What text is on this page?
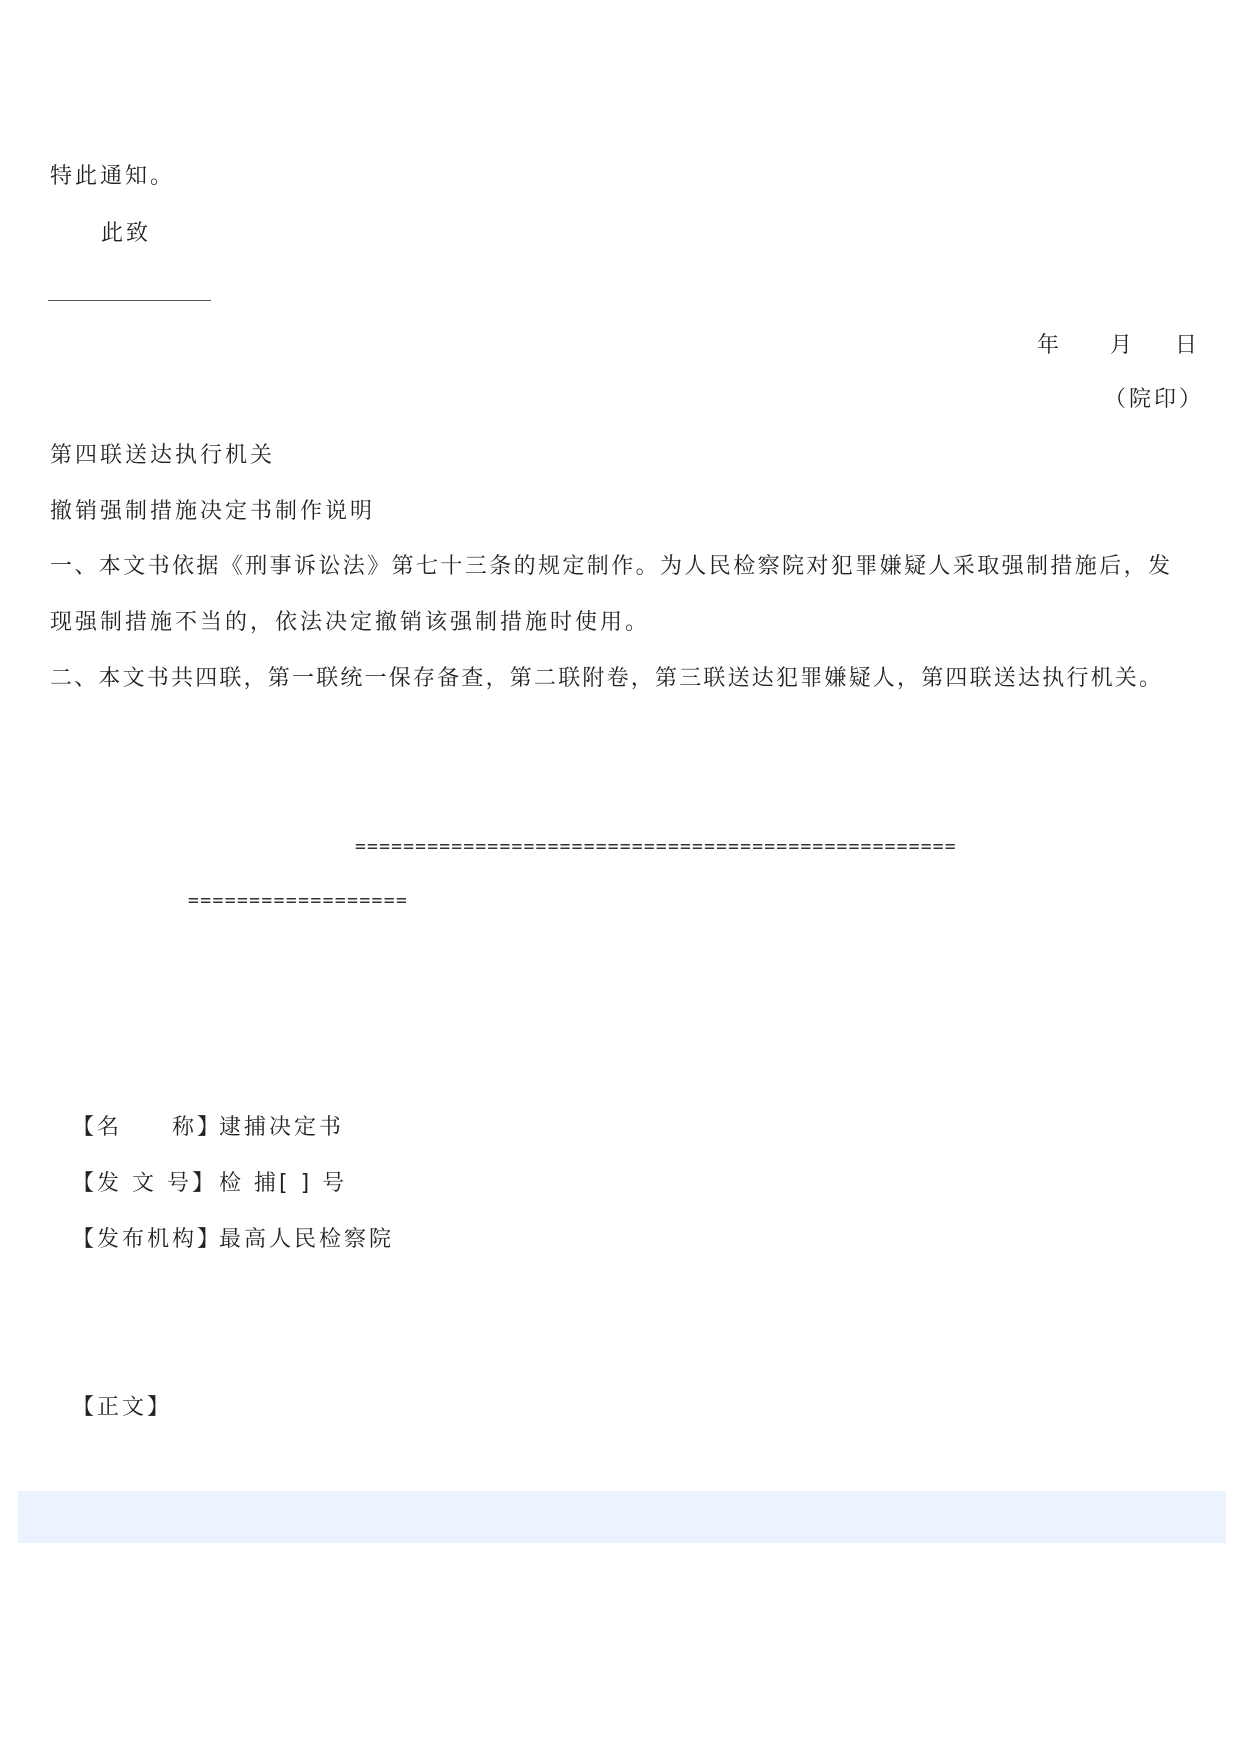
特此通知。
此致
年 月 日
（院印）
第四联送达执行机关
撤销强制措施决定书制作说明
一、本文书依据《刑事诉讼法》第七十三条的规定制作。为人民检察院对犯罪嫌疑人采取强制措施后，发
现强制措施不当的，依法决定撤销该强制措施时使用。
二、本文书共四联，第一联统一保存备查，第二联附卷，第三联送达犯罪嫌疑人，第四联送达执行机关。
==================================================
==================
【名　　称】
逮捕决定书
【发 文 号】 检 捕[ ] 号
【发布机构】
最高人民检察院
【正文】
